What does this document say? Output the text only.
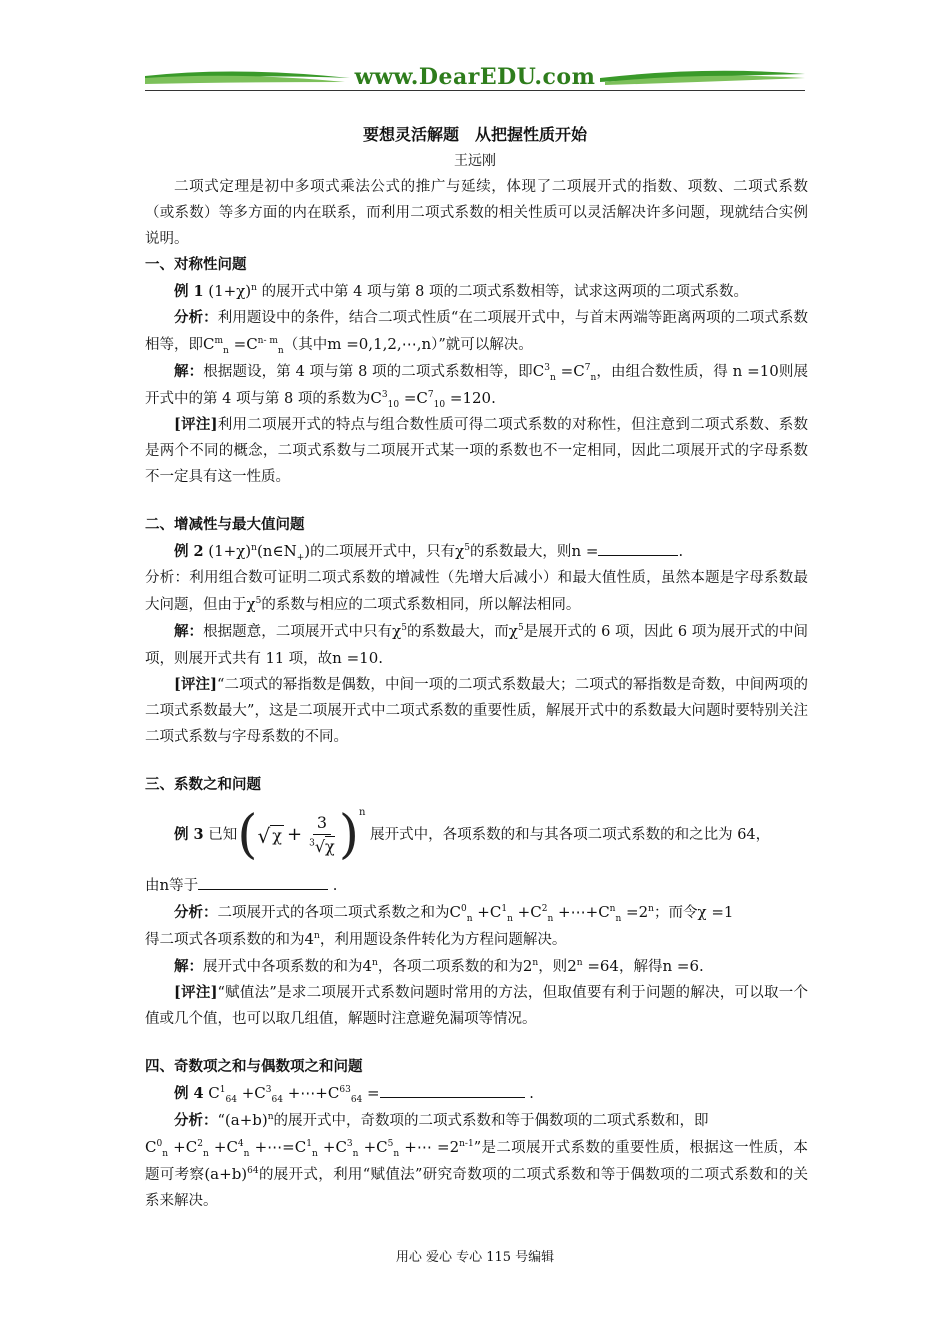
www.DearEDU.com
要想灵活解题　从把握性质开始
王远刚

二项式定理是初中多项式乘法公式的推广与延续，体现了二项展开式的指数、项数、二项式系数（或系数）等多方面的内在联系，而利用二项式系数的相关性质可以灵活解决许多问题，现就结合实例说明。

一、对称性问题

例 1 $(1+\chi)^n$ 的展开式中第 4 项与第 8 项的二项式系数相等，试求这两项的二项式系数。

分析：利用题设中的条件，结合二项式性质“在二项展开式中，与首末两端等距离两项的二项式系数相等，即$C^m_n =C^{n- m}_n$（其中m =0,1,2,⋯,n）”就可以解决。

解：根据题设，第 4 项与第 8 项的二项式系数相等，即$C^3_n =C^7_n$，由组合数性质，得 n =10则展开式中的第 4 项与第 8 项的系数为$C^3_{10} =C^7_{10} =120$.

[评注]利用二项展开式的特点与组合数性质可得二项式系数的对称性，但注意到二项式系数、系数是两个不同的概念，二项式系数与二项展开式某一项的系数也不一定相同，因此二项展开式的字母系数不一定具有这一性质。

二、增减性与最大值问题

例 2 $(1+\chi)^n(n\in N_+)$的二项展开式中，只有$\chi^5$的系数最大，则n =	.

分析：利用组合数可证明二项式系数的增减性（先增大后减小）和最大值性质，虽然本题是字母系数最大问题，但由于$\chi^5$的系数与相应的二项式系数相同，所以解法相同。

解：根据题意，二项展开式中只有$\chi^5$的系数最大，而$\chi^5$是展开式的 6 项，因此 6 项为展开式的中间项，则展开式共有 11 项，故n =10.

[评注]“二项式的幂指数是偶数，中间一项的二项式系数最大；二项式的幂指数是奇数，中间两项的二项式系数最大”，这是二项展开式中二项式系数的重要性质，解展开式中的系数最大问题时要特别关注二项式系数与字母系数的不同。

三、系数之和问题

例 3
已知 ( √ $\chi + \frac{3}{^3√\chi} )^n$

展开式中，各项系数的和与其各项二项式系数的和之比为 64，

由n等于	.

分析：二项展开式的各项二项式系数之和为$C^0_n +C^1_n +C^2_n$ $+\cdots+C^n_n =2^n$；而令χ =1

得二项式各项系数的和为4$^n$，利用题设条件转化为方程问题解决。

解：展开式中各项系数的和为4$^n$，各项二项系数的和为2$^n$，则$2^n =64$，解得n =6.

[评注]“赋值法”是求二项展开式系数问题时常用的方法，但取值要有利于问题的解决，可以取一个值或几个值，也可以取几组值，解题时注意避免漏项等情况。

四、奇数项之和与偶数项之和问题

例 4 $C^1_{64} +C^3_{64}$ $+\cdots+C^{63}_{64}$ =	.

分析：“$(a+b)^n$的展开式中，奇数项的二项式系数和等于偶数项的二项式系数和，即

$C^0_n +C^2_n +C^4_n$ $+\cdots=C^1_n +C^3_n +C^5_n$ +⋯ $=2^{n-1}$”是二项展开式系数的重要性质，根据这一性质，本题可考察$(a+b)^{64}$的展开式，利用“赋值法”研究奇数项的二项式系数和等于偶数项的二项式系数和的关系来解决。

用心 爱心 专心 115 号编辑
